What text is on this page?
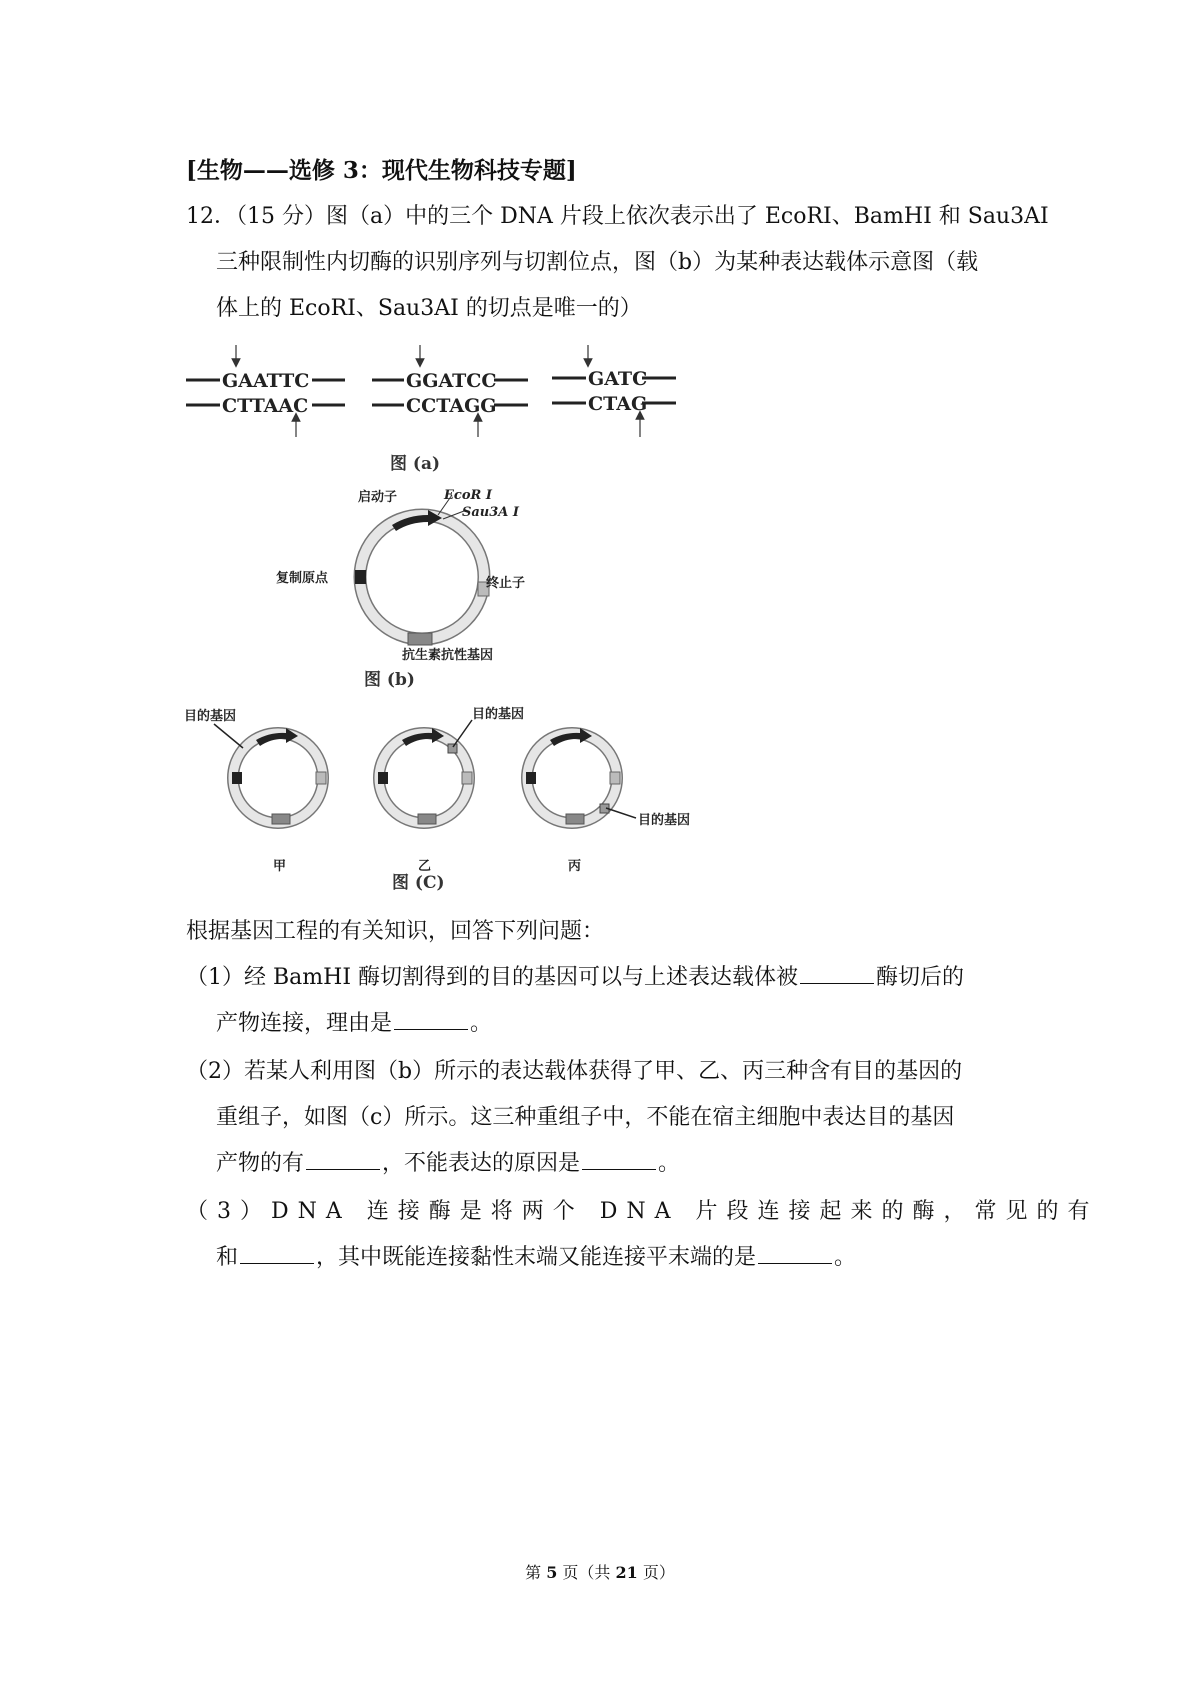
[生物——选修 3：现代生物科技专题]
12．（15 分）图（a）中的三个 DNA 片段上依次表示出了 EcoRI、BamHI 和 Sau3AI
三种限制性内切酶的识别序列与切割位点，图（b）为某种表达载体示意图（载
体上的 EcoRI、Sau3AI 的切点是唯一的）
GAATTC
CTTAAC
GGATCC
CCTAGG
GATC
CTAG
图 (a)
启动子	EcoR I
Sau3A I
复制原点	终止子
抗生素抗性基因
图 (b)
目的基因
甲
目的基因
乙
目的基因
丙
图 (C)
根据基因工程的有关知识，回答下列问题：
（1）经 BamHI 酶切割得到的目的基因可以与上述表达载体被	酶切后的
产物连接，理由是	。
（2）若某人利用图（b）所示的表达载体获得了甲、乙、丙三种含有目的基因的
重组子，如图（c）所示。这三种重组子中，不能在宿主细胞中表达目的基因
产物的有	，不能表达的原因是	。
（3）DNA 连接酶是将两个 DNA 片段连接起来的酶，常见的有
和	，其中既能连接黏性末端又能连接平末端的是	。
第 5 页（共 21 页）
